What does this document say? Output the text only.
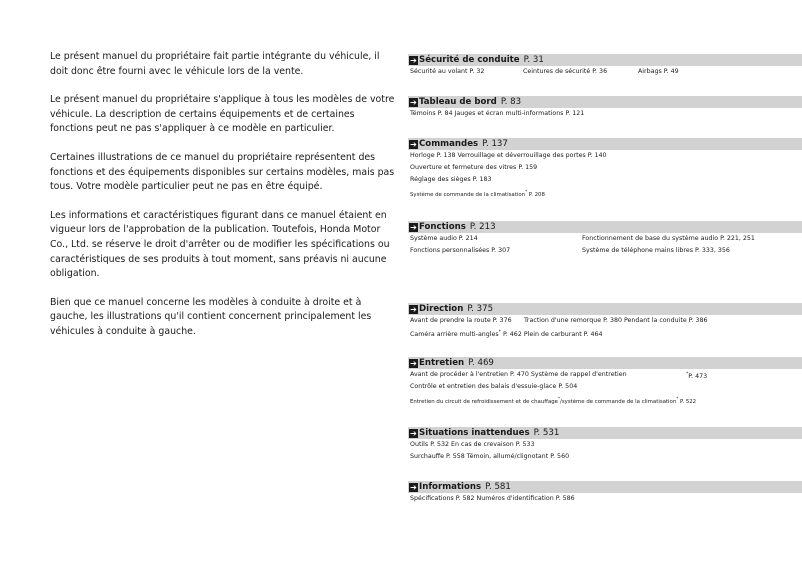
Le présent manuel du propriétaire fait partie intégrante du véhicule, il doit donc être fourni avec le véhicule lors de la vente.

Le présent manuel du propriétaire s'applique à tous les modèles de votre véhicule. La description de certains équipements et de certaines fonctions peut ne pas s'appliquer à ce modèle en particulier.

Certaines illustrations de ce manuel du propriétaire représentent des fonctions et des équipements disponibles sur certains modèles, mais pas tous. Votre modèle particulier peut ne pas en être équipé.

Les informations et caractéristiques figurant dans ce manuel étaient en vigueur lors de l'approbation de la publication. Toutefois, Honda Motor Co., Ltd. se réserve le droit d'arrêter ou de modifier les spécifications ou caractéristiques de ses produits à tout moment, sans préavis ni aucune obligation.

Bien que ce manuel concerne les modèles à conduite à droite et à gauche, les illustrations qu'il contient concernent principalement les véhicules à conduite à gauche.

➔ Sécurité de conduite P. 31
Sécurité au volant P. 32	Ceintures de sécurité P. 36	Airbags P. 49
➔ Tableau de bord P. 83
Témoins P. 84 Jauges et écran multi-informations P. 121
➔ Commandes P. 137
Horloge P. 138 Verrouillage et déverrouillage des portes P. 140
Ouverture et fermeture des vitres P. 159
Réglage des sièges P. 183
Système de commande de la climatisation* P. 208
➔ Fonctions P. 213
Système audio P. 214	Fonctionnement de base du système audio P. 221, 251
Fonctions personnalisées P. 307	Système de téléphone mains libres P. 333, 356
➔ Direction P. 375
Avant de prendre la route P. 376 Traction d'une remorque P. 380 Pendant la conduite P. 386
Caméra arrière multi-angles* P. 462 Plein de carburant P. 464
➔ Entretien P. 469
Avant de procéder à l'entretien P. 470 Système de rappel d'entretien	*P. 473
Contrôle et entretien des balais d'essuie-glace P. 504
Entretien du circuit de refroidissement et de chauffage*/système de commande de la climatisation* P. 522
➔ Situations inattendues P. 531
Outils P. 532 En cas de crevaison P. 533
Surchauffe P. 558 Témoin, allumé/clignotant P. 560
➔ Informations P. 581
Spécifications P. 582 Numéros d'identification P. 586
